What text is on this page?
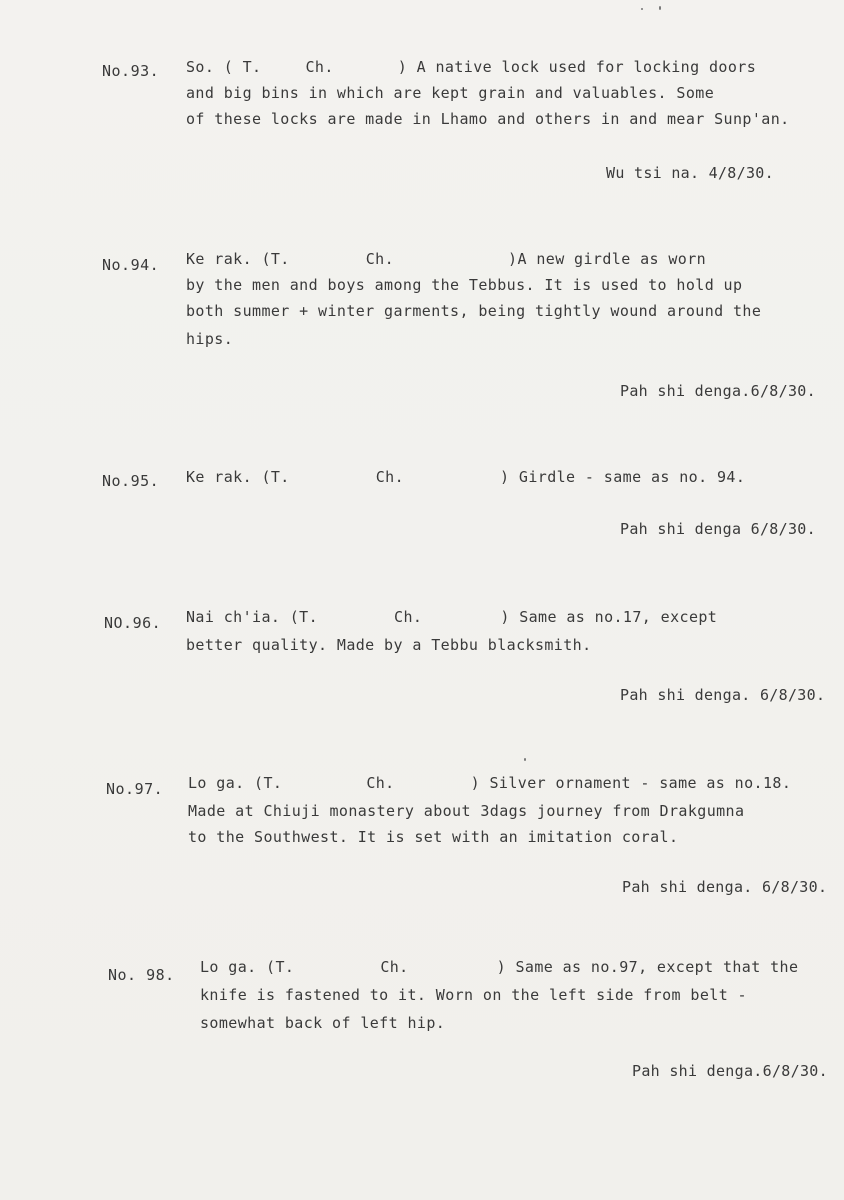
No.93. So. ( T.	Ch.	) A native lock used for locking doors
and big bins in which are kept grain and valuables. Some
of these locks are made in Lhamo and others in and mear Sunp'an.
Wu tsi na. 4/8/30.
No.94. Ke rak. (T.	Ch.	)A new girdle as worn
by the men and boys among the Tebbus. It is used to hold up
both summer + winter garments, being tightly wound around the
hips.
Pah shi denga.6/8/30.
No.95. Ke rak. (T.	Ch.	) Girdle - same as no. 94.
Pah shi denga 6/8/30.
NO.96. Nai ch'ia. (T.	Ch.	) Same as no.17, except
better quality. Made by a Tebbu blacksmith.
Pah shi denga. 6/8/30.
No.97. Lo ga. (T.	Ch.	) Silver ornament - same as no.18.
Made at Chiuji monastery about 3dags journey from Drakgumna
to the Southwest. It is set with an imitation coral.
Pah shi denga. 6/8/30.
No. 98. Lo ga. (T.	Ch.	) Same as no.97, except that the
knife is fastened to it. Worn on the left side from belt -
somewhat back of left hip.
Pah shi denga.6/8/30.
